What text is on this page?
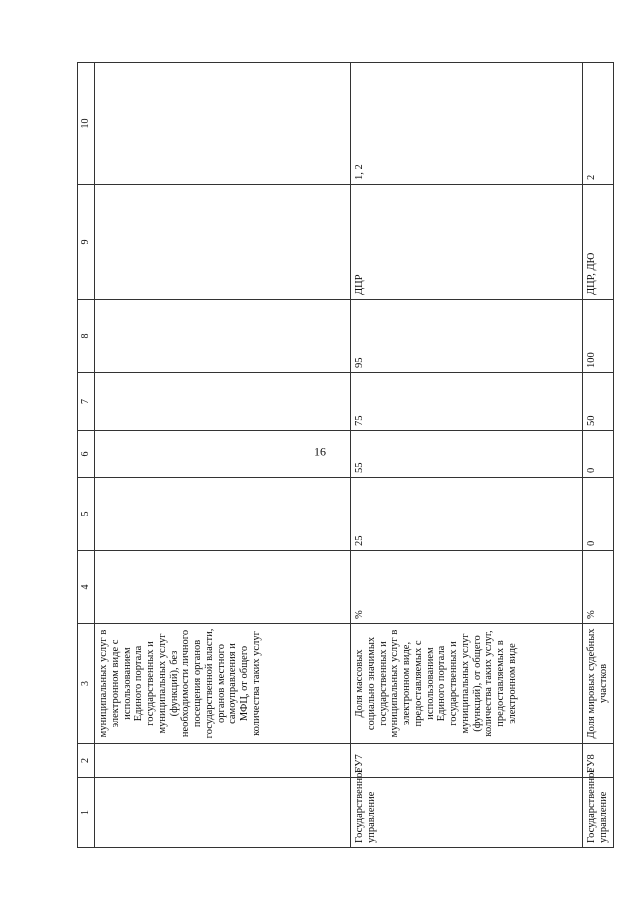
16
1	2	3	4	5	6	7	8	9	10
		муниципальных услуг в электронном виде с использованием Единого портала государственных и муниципальных услуг (функций), без необходимости личного посещения органов государственной власти, органов местного самоуправления и МФЦ, от общего количества таких услуг							
Государственное управление	ГУ7	Доля массовых социально значимых государственных и муниципальных услуг в электронном виде, предоставляемых с использованием Единого портала государственных и муниципальных услуг (функций), от общего количества таких услуг, предоставляемых в электронном виде	%	25	55	75	95	ДЦР	1, 2
Государственное управление	ГУ8	Доля мировых судебных участков	%	0	0	50	100	ДЦР, ДЮ	2
